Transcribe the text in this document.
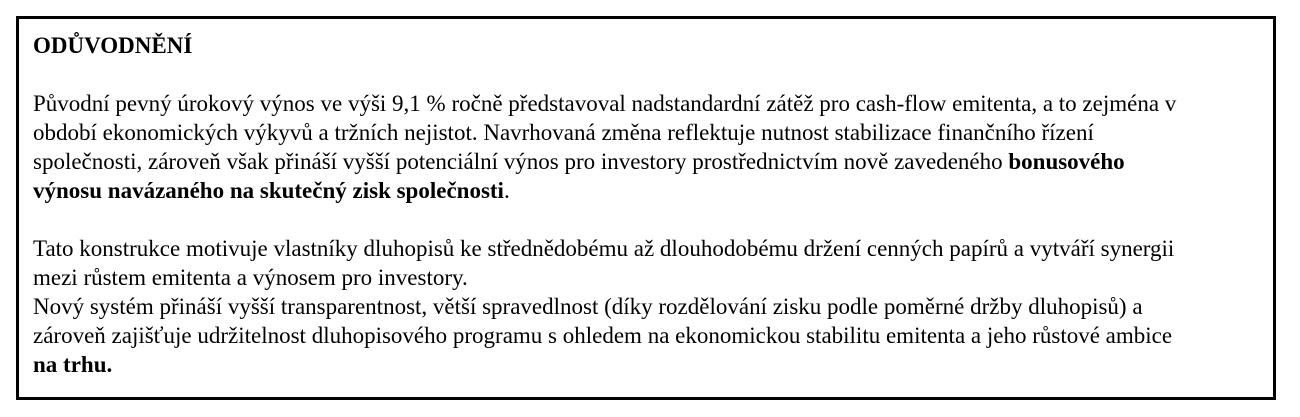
ODŮVODNĚNÍ
Původní pevný úrokový výnos ve výši 9,1 % ročně představoval nadstandardní zátěž pro cash-flow emitenta, a to zejména v
období ekonomických výkyvů a tržních nejistot. Navrhovaná změna reflektuje nutnost stabilizace finančního řízení
společnosti, zároveň však přináší vyšší potenciální výnos pro investory prostřednictvím nově zavedeného bonusového
výnosu navázaného na skutečný zisk společnosti.
Tato konstrukce motivuje vlastníky dluhopisů ke střednědobému až dlouhodobému držení cenných papírů a vytváří synergii
mezi růstem emitenta a výnosem pro investory.
Nový systém přináší vyšší transparentnost, větší spravedlnost (díky rozdělování zisku podle poměrné držby dluhopisů) a
zároveň zajišťuje udržitelnost dluhopisového programu s ohledem na ekonomickou stabilitu emitenta a jeho růstové ambice
na trhu.
